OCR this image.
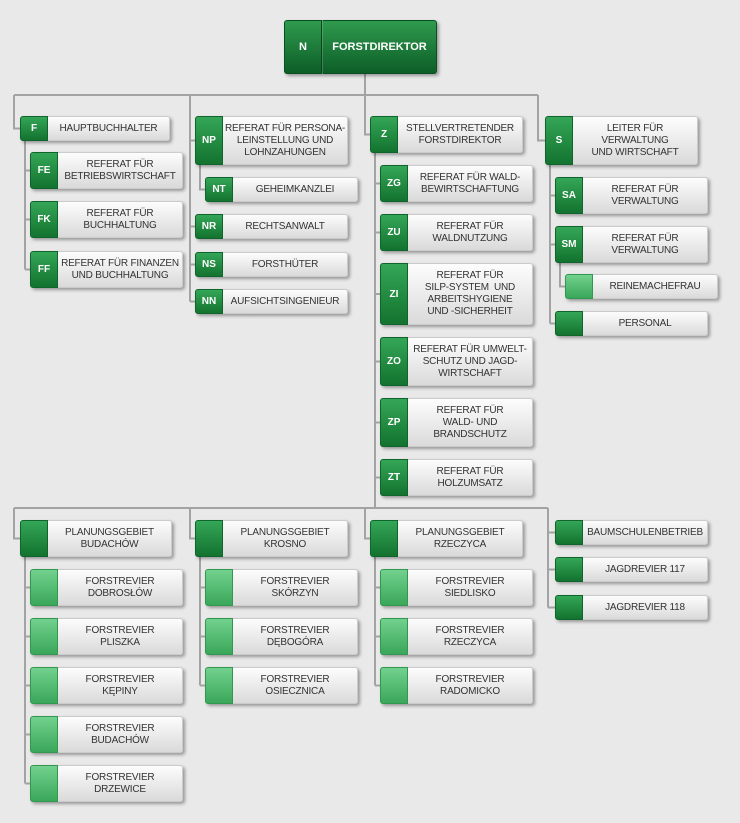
N	FORSTDIREKTOR
F	HAUPTBUCHHALTER
FE
REFERAT FÜR
BETRIEBSWIRTSCHAFT
FK
REFERAT FÜR
BUCHHALTUNG
FF
REFERAT FÜR FINANZEN
UND BUCHHALTUNG
NP
REFERAT FÜR PERSONA-
LEINSTELLUNG UND
LOHNZAHUNGEN
NT	GEHEIMKANZLEI
NR	RECHTSANWALT
NS	FORSTHÜTER
NN	AUFSICHTSINGENIEUR
Z
STELLVERTRETENDER
FORSTDIREKTOR
ZG
REFERAT FÜR WALD-
BEWIRTSCHAFTUNG
ZU
REFERAT FÜR
WALDNUTZUNG
ZI
REFERAT FÜR
SILP-SYSTEM  UND
ARBEITSHYGIENE
UND -SICHERHEIT
ZO
REFERAT FÜR UMWELT-
SCHUTZ UND JAGD-
WIRTSCHAFT
ZP
REFERAT FÜR
WALD- UND
BRANDSCHUTZ
ZT
REFERAT FÜR
HOLZUMSATZ
S
LEITER FÜR
VERWALTUNG
UND WIRTSCHAFT
SA
REFERAT FÜR
VERWALTUNG
SM
REFERAT FÜR
VERWALTUNG
REINEMACHEFRAU
PERSONAL
PLANUNGSGEBIET
BUDACHÓW
FORSTREVIER
DOBROSŁÓW
FORSTREVIER
PLISZKA
FORSTREVIER
KĘPINY
FORSTREVIER
BUDACHÓW
FORSTREVIER
DRZEWICE
PLANUNGSGEBIET
KROSNO
FORSTREVIER
SKÓRZYN
FORSTREVIER
DĘBOGÓRA
FORSTREVIER
OSIECZNICA
PLANUNGSGEBIET
RZECZYCA
FORSTREVIER
SIEDLISKO
FORSTREVIER
RZECZYCA
FORSTREVIER
RADOMICKO
BAUMSCHULENBETRIEB
JAGDREVIER 117
JAGDREVIER 118
